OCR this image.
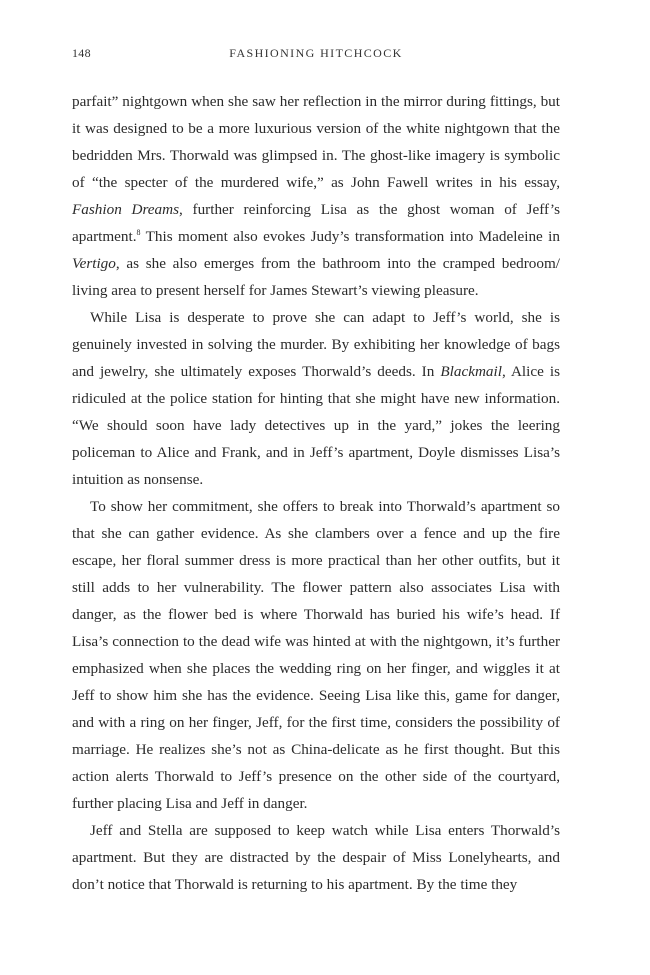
148	FASHIONING HITCHCOCK

parfait” nightgown when she saw her reflection in the mirror during fittings, but it was designed to be a more luxurious version of the white nightgown that the bedridden Mrs. Thorwald was glimpsed in. The ghost-like imagery is symbolic of “the specter of the murdered wife,” as John Fawell writes in his essay, Fashion Dreams, further reinforcing Lisa as the ghost woman of Jeff’s apartment.$^8$ This moment also evokes Judy’s transformation into Madeleine in Vertigo, as she also emerges from the bathroom into the cramped bedroom/ living area to present herself for James Stewart’s viewing pleasure.

While Lisa is desperate to prove she can adapt to Jeff’s world, she is genuinely invested in solving the murder. By exhibiting her knowledge of bags and jewelry, she ultimately exposes Thorwald’s deeds. In Blackmail, Alice is ridiculed at the police station for hinting that she might have new information. “We should soon have lady detectives up in the yard,” jokes the leering policeman to Alice and Frank, and in Jeff’s apartment, Doyle dismisses Lisa’s intuition as nonsense.

To show her commitment, she offers to break into Thorwald’s apartment so that she can gather evidence. As she clambers over a fence and up the fire escape, her floral summer dress is more practical than her other outfits, but it still adds to her vulnerability. The flower pattern also associates Lisa with danger, as the flower bed is where Thorwald has buried his wife’s head. If Lisa’s connection to the dead wife was hinted at with the nightgown, it’s further emphasized when she places the wedding ring on her finger, and wiggles it at Jeff to show him she has the evidence. Seeing Lisa like this, game for danger, and with a ring on her finger, Jeff, for the first time, considers the possibility of marriage. He realizes she’s not as China-delicate as he first thought. But this action alerts Thorwald to Jeff’s presence on the other side of the courtyard, further placing Lisa and Jeff in danger.

Jeff and Stella are supposed to keep watch while Lisa enters Thorwald’s apartment. But they are distracted by the despair of Miss Lonelyhearts, and don’t notice that Thorwald is returning to his apartment. By the time they
